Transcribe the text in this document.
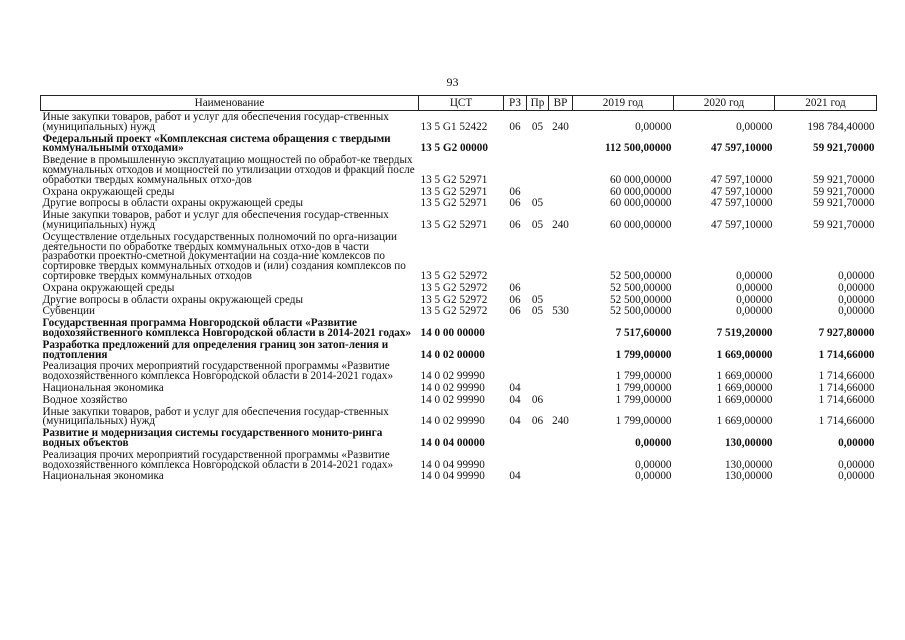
93
Наименование	ЦСТ	РЗ	Пр	ВР	2019 год	2020 год	2021 год
Иные закупки товаров, работ и услуг для обеспечения государ-ственных (муниципальных) нужд	13 5 G1 52422	06	05	240	0,00000	0,00000	198 784,40000
Федеральный проект «Комплексная система обращения с твердыми коммунальными отходами»	13 5 G2 00000				112 500,00000	47 597,10000	59 921,70000
Введение в промышленную эксплуатацию мощностей по обработ-ке твердых коммунальных отходов и мощностей по утилизации отходов и фракций после обработки твердых коммунальных отхо-дов	13 5 G2 52971				60 000,00000	47 597,10000	59 921,70000
Охрана окружающей среды	13 5 G2 52971	06			60 000,00000	47 597,10000	59 921,70000
Другие вопросы в области охраны окружающей среды	13 5 G2 52971	06	05		60 000,00000	47 597,10000	59 921,70000
Иные закупки товаров, работ и услуг для обеспечения государ-ственных (муниципальных) нужд	13 5 G2 52971	06	05	240	60 000,00000	47 597,10000	59 921,70000
Осуществление отдельных государственных полномочий по орга-низации деятельности по обработке твердых коммунальных отхо-дов в части разработки проектно-сметной документации на созда-ние комлексов по сортировке твердых коммунальных отходов и (или) создания комплексов по сортировке твердых коммунальных отходов	13 5 G2 52972				52 500,00000	0,00000	0,00000
Охрана окружающей среды	13 5 G2 52972	06			52 500,00000	0,00000	0,00000
Другие вопросы в области охраны окружающей среды	13 5 G2 52972	06	05		52 500,00000	0,00000	0,00000
Субвенции	13 5 G2 52972	06	05	530	52 500,00000	0,00000	0,00000
Государственная программа Новгородской области «Развитие водохозяйственного комплекса Новгородской области в 2014-2021 годах»	14 0 00 00000				7 517,60000	7 519,20000	7 927,80000
Разработка предложений для определения границ зон затоп-ления и подтопления	14 0 02 00000				1 799,00000	1 669,00000	1 714,66000
Реализация прочих мероприятий государственной программы «Развитие водохозяйственного комплекса Новгородской области в 2014-2021 годах»	14 0 02 99990				1 799,00000	1 669,00000	1 714,66000
Национальная экономика	14 0 02 99990	04			1 799,00000	1 669,00000	1 714,66000
Водное хозяйство	14 0 02 99990	04	06		1 799,00000	1 669,00000	1 714,66000
Иные закупки товаров, работ и услуг для обеспечения государ-ственных (муниципальных) нужд	14 0 02 99990	04	06	240	1 799,00000	1 669,00000	1 714,66000
Развитие и модернизация системы государственного монито-ринга водных объектов	14 0 04 00000				0,00000	130,00000	0,00000
Реализация прочих мероприятий государственной программы «Развитие водохозяйственного комплекса Новгородской области в 2014-2021 годах»	14 0 04 99990				0,00000	130,00000	0,00000
Национальная экономика	14 0 04 99990	04			0,00000	130,00000	0,00000
